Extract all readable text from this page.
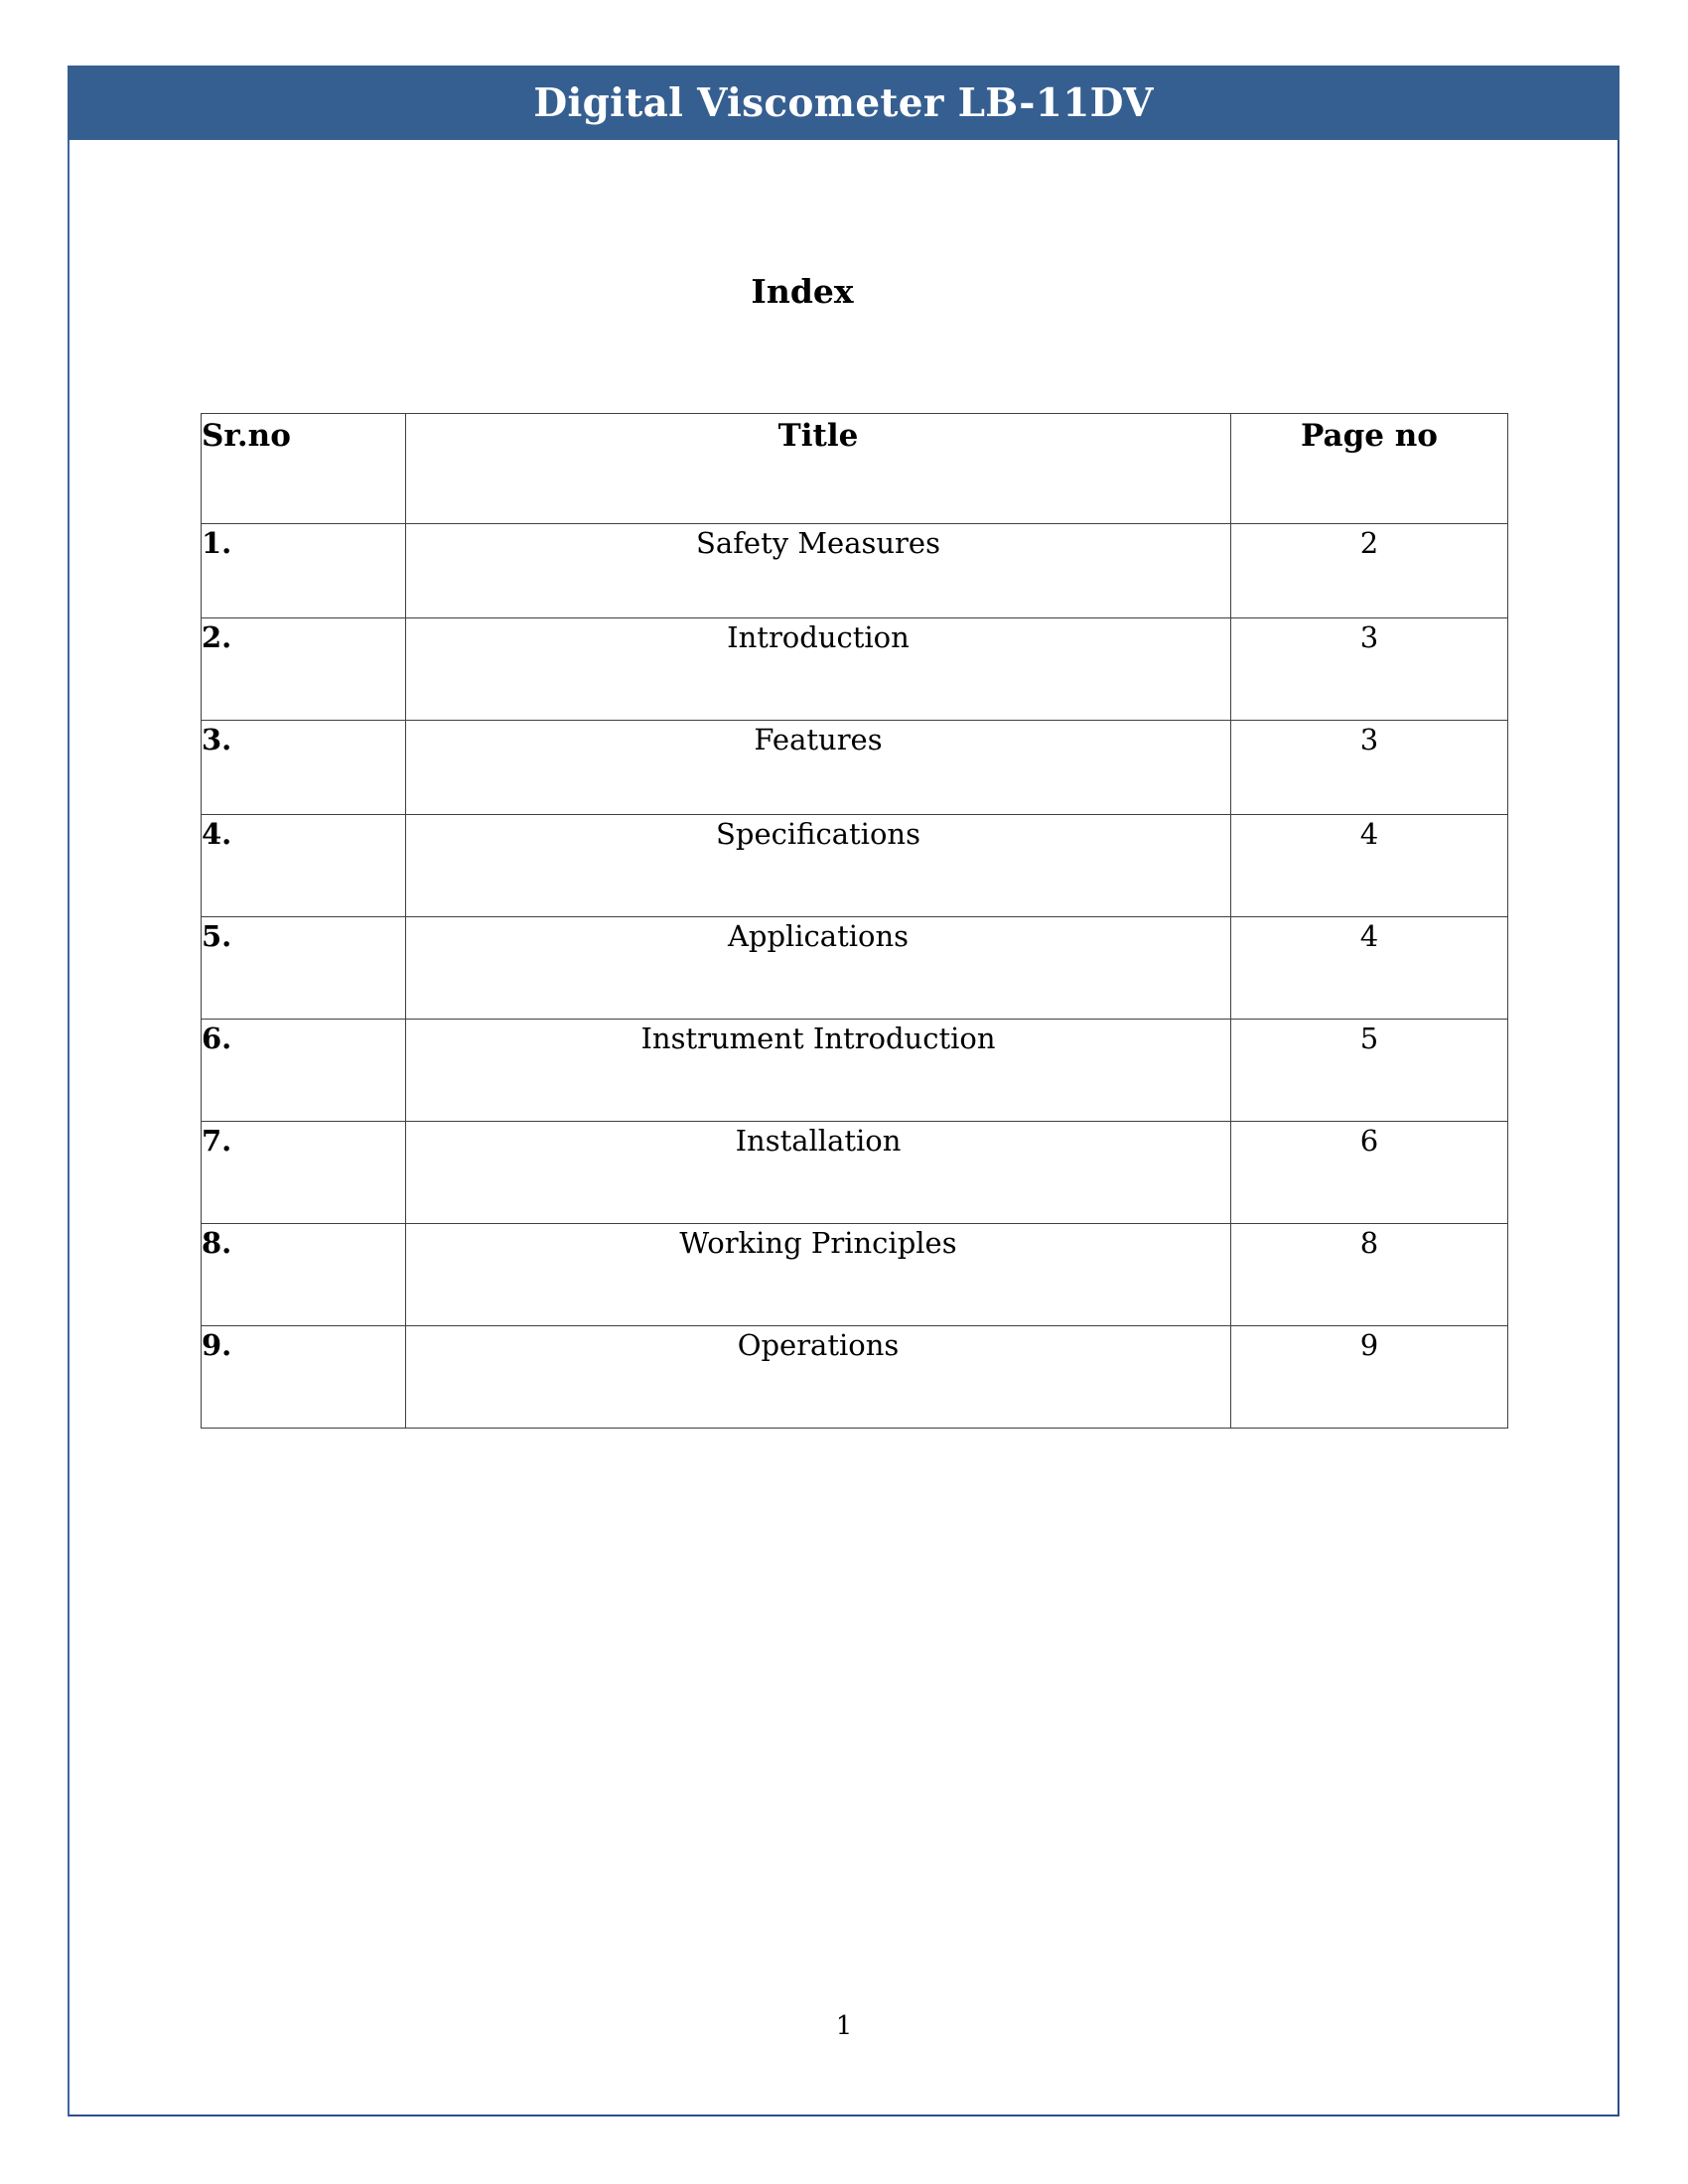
Digital Viscometer LB-11DV
Index
Sr.no	Title	Page no
1.	Safety Measures	2
2.	Introduction	3
3.	Features	3
4.	Specifications	4
5.	Applications	4
6.	Instrument Introduction	5
7.	Installation	6
8.	Working Principles	8
9.	Operations	9
1
